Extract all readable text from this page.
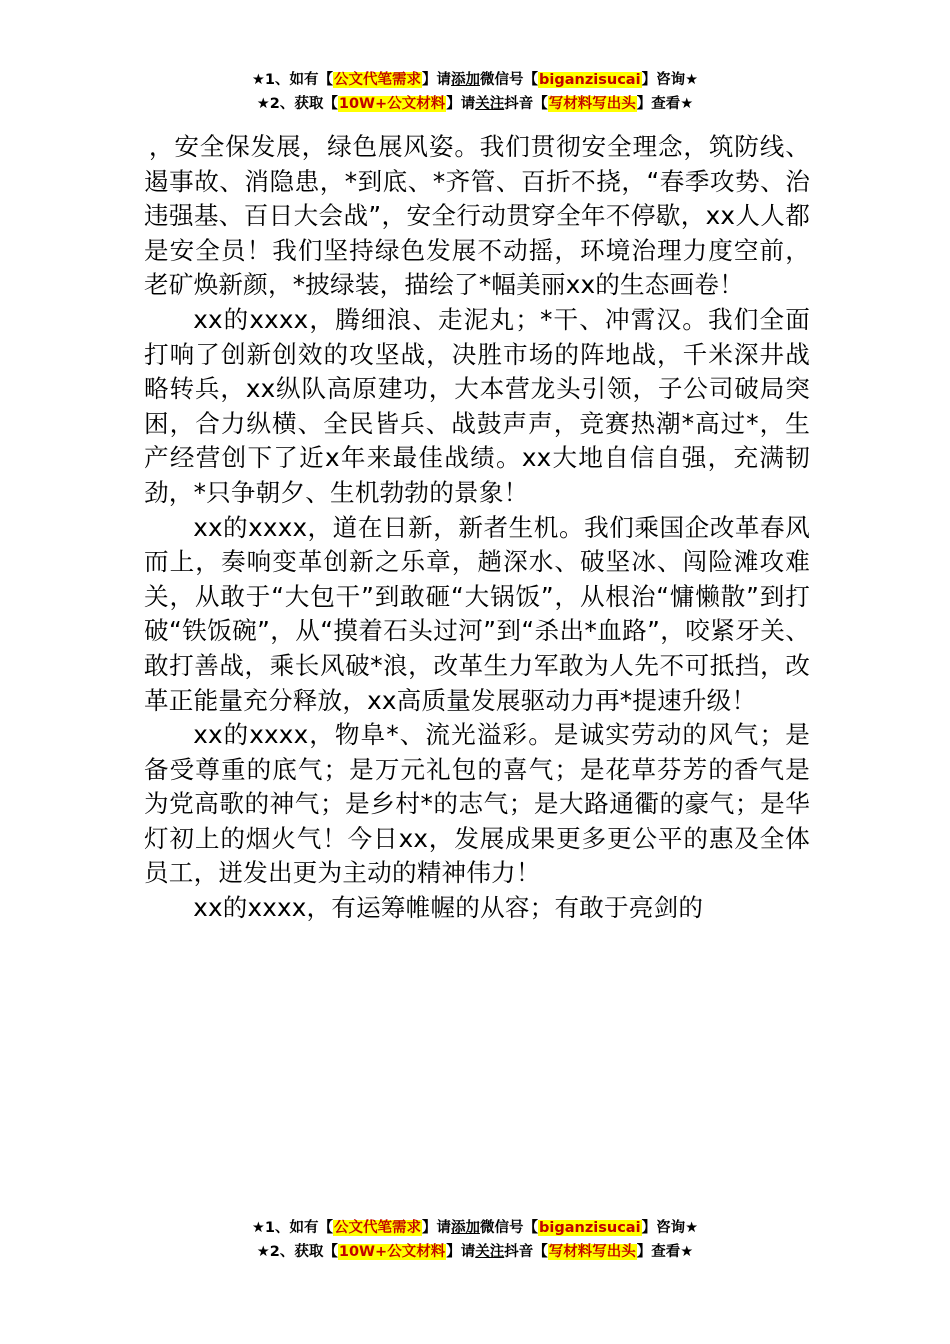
★1、如有【公文代笔需求】请添加微信号【biganzisucai】咨询★
★2、获取【10W+公文材料】请关注抖音【写材料写出头】查看★

，安全保发展，绿色展风姿。我们贯彻安全理念，筑防线、遏事故、消隐患，*到底、*齐管、百折不挠，“春季攻势、治违强基、百日大会战”，安全行动贯穿全年不停歇，xx人人都是安全员！我们坚持绿色发展不动摇，环境治理力度空前，老矿焕新颜，*披绿装，描绘了*幅美丽xx的生态画卷！

xx的xxxx，腾细浪、走泥丸；*干、冲霄汉。我们全面打响了创新创效的攻坚战，决胜市场的阵地战，千米深井战略转兵，xx纵队高原建功，大本营龙头引领，子公司破局突困，合力纵横、全民皆兵、战鼓声声，竞赛热潮*高过*，生产经营创下了近x年来最佳战绩。xx大地自信自强，充满韧劲，*只争朝夕、生机勃勃的景象！

xx的xxxx，道在日新，新者生机。我们乘国企改革春风而上，奏响变革创新之乐章，趟深水、破坚冰、闯险滩攻难关，从敢于“大包干”到敢砸“大锅饭”，从根治“慵懒散”到打破“铁饭碗”，从“摸着石头过河”到“杀出*血路”，咬紧牙关、敢打善战，乘长风破*浪，改革生力军敢为人先不可抵挡，改革正能量充分释放，xx高质量发展驱动力再*提速升级！

xx的xxxx，物阜*、流光溢彩。是诚实劳动的风气；是备受尊重的底气；是万元礼包的喜气；是花草芬芳的香气是为党高歌的神气；是乡村*的志气；是大路通衢的豪气；是华灯初上的烟火气！今日xx，发展成果更多更公平的惠及全体员工，迸发出更为主动的精神伟力！

xx的xxxx，有运筹帷幄的从容；有敢于亮剑的

★1、如有【公文代笔需求】请添加微信号【biganzisucai】咨询★
★2、获取【10W+公文材料】请关注抖音【写材料写出头】查看★
